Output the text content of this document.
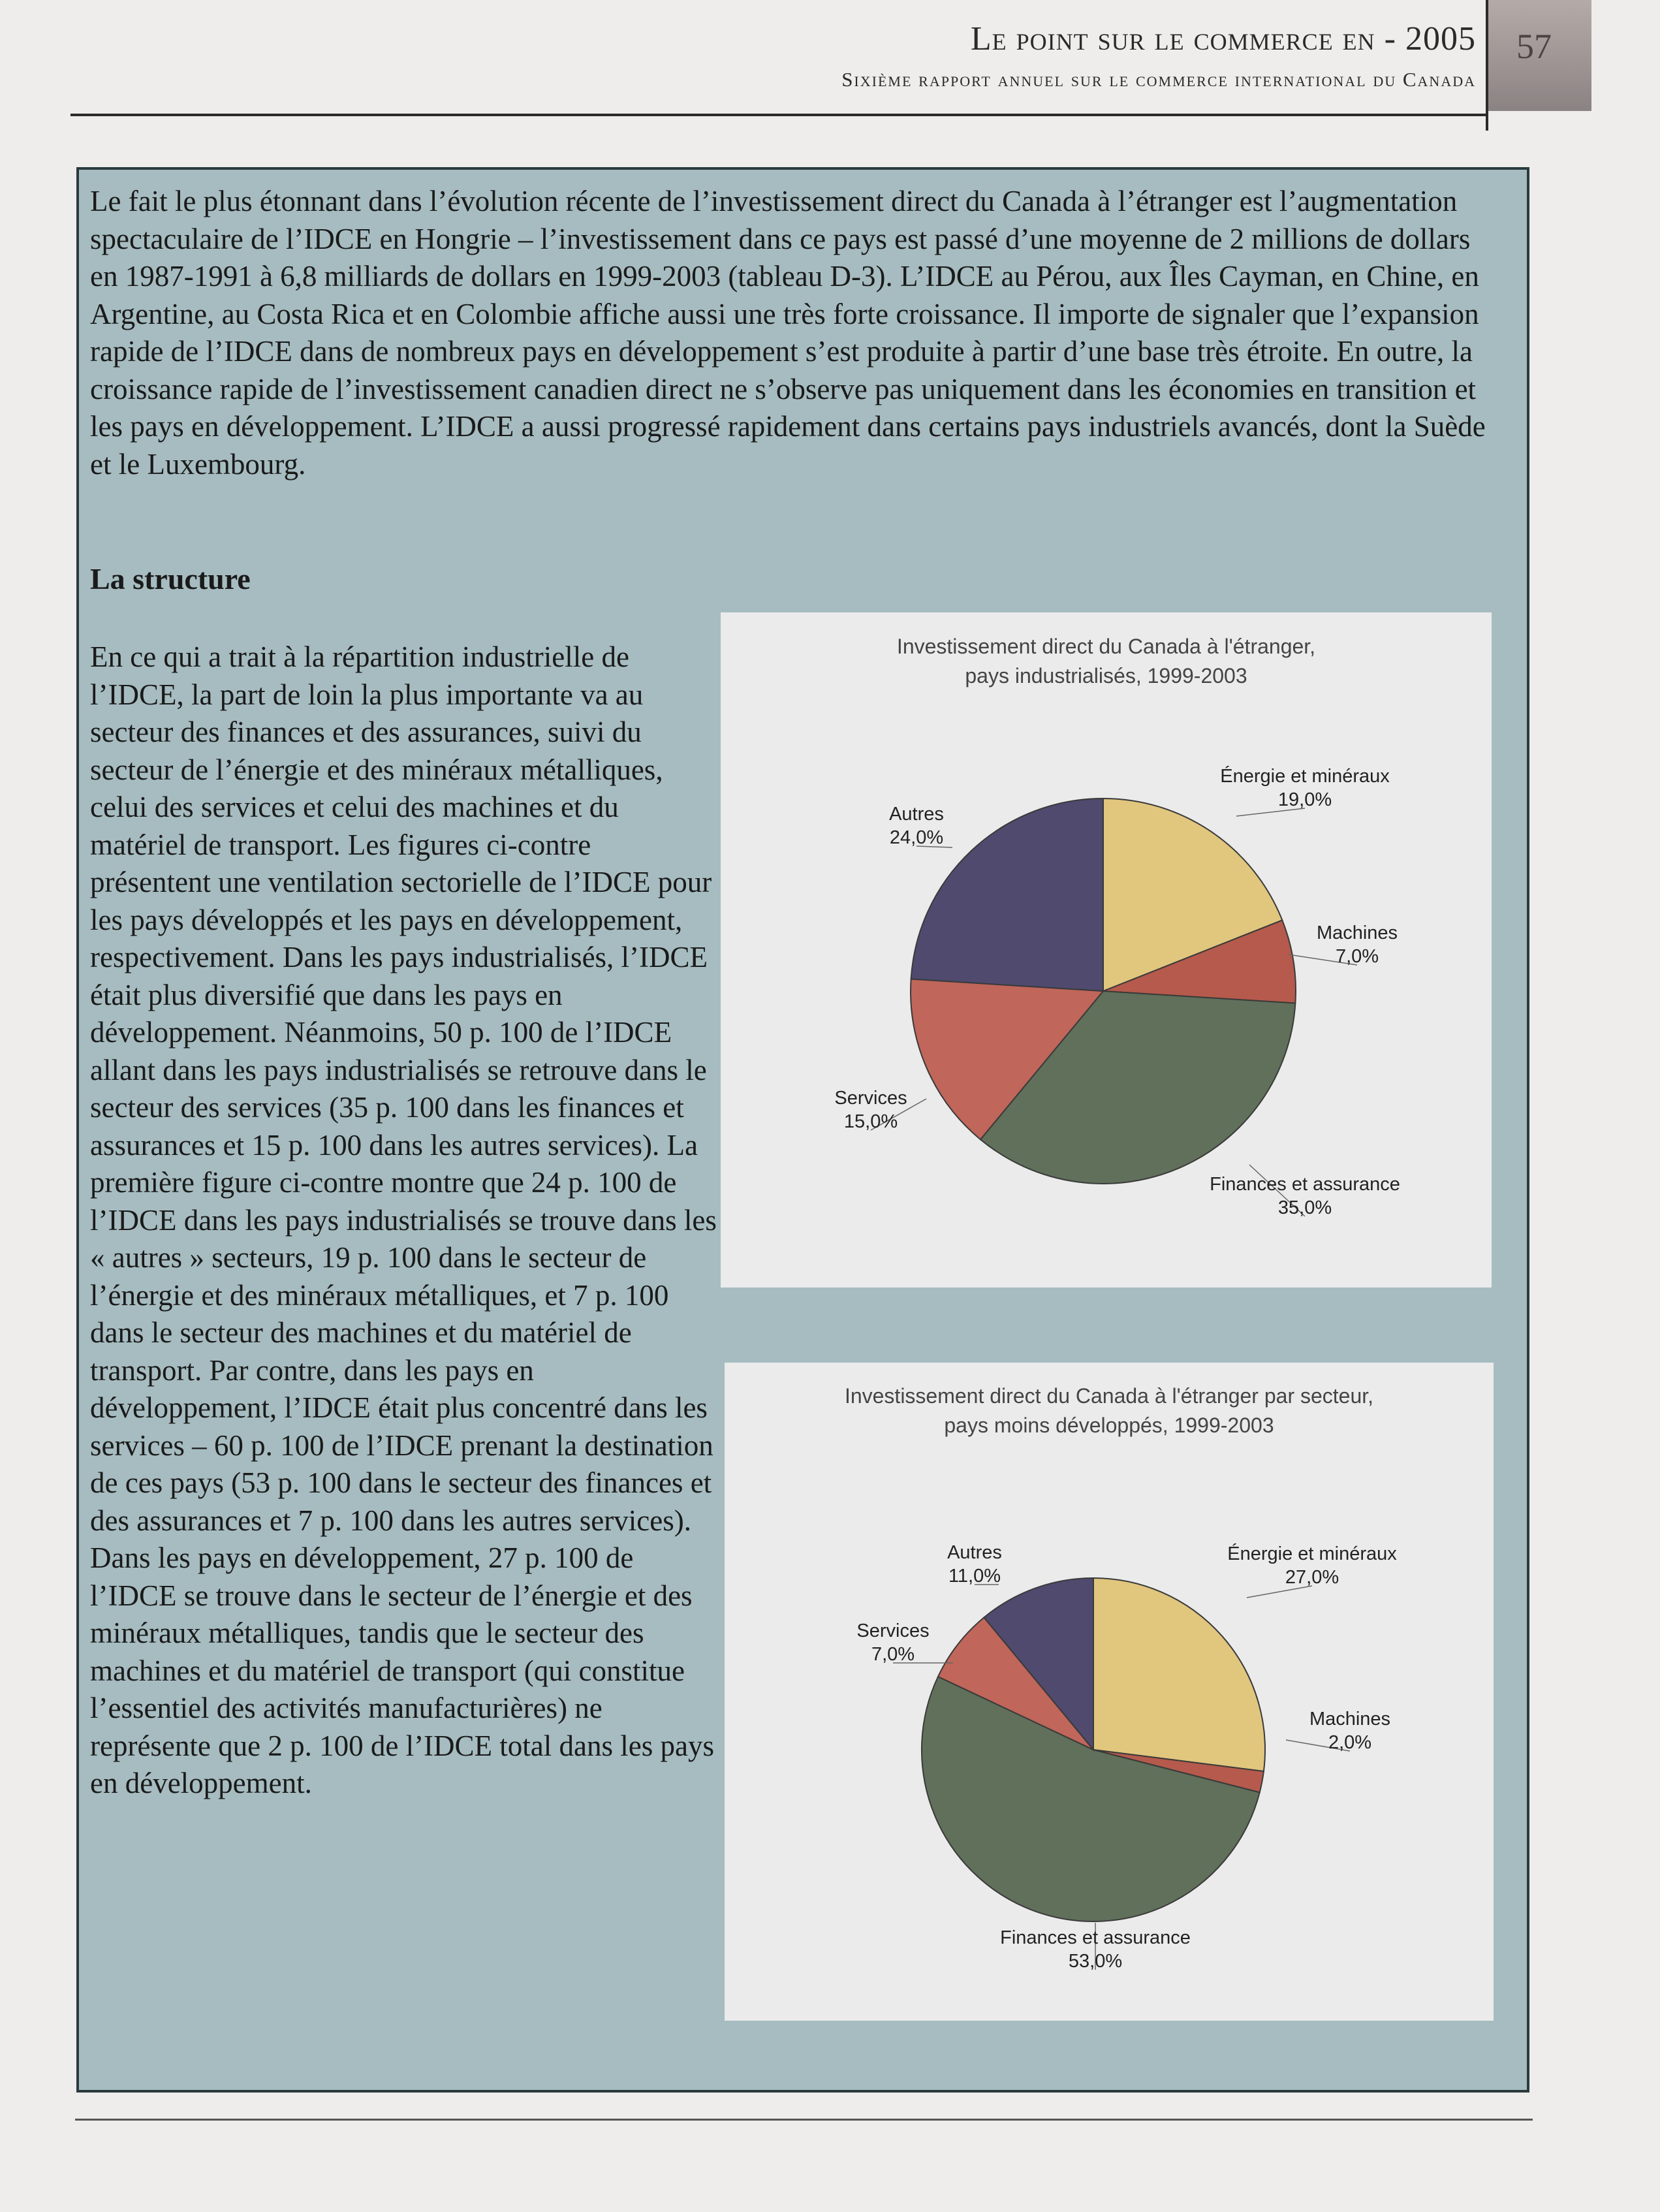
57
Le point sur le commerce en - 2005
Sixième rapport annuel sur le commerce international du Canada

Le fait le plus étonnant dans l’évolution récente de l’investissement direct du Canada à l’étranger est l’augmentation spectaculaire de l’IDCE en Hongrie – l’investissement dans ce pays est passé d’une moyenne de 2 millions de dollars en 1987-1991 à 6,8 milliards de dollars en 1999-2003 (tableau D-3). L’IDCE au Pérou, aux Îles Cayman, en Chine, en Argentine, au Costa Rica et en Colombie affiche aussi une très forte croissance. Il importe de signaler que l’expansion rapide de l’IDCE dans de nombreux pays en développement s’est produite à partir d’une base très étroite. En outre, la croissance rapide de l’investissement canadien direct ne s’observe pas uniquement dans les économies en transition et les pays en développement. L’IDCE a aussi progressé rapidement dans certains pays industriels avancés, dont la Suède et le Luxembourg.

La structure

En ce qui a trait à la répartition industrielle de l’IDCE, la part de loin la plus importante va au secteur des finances et des assurances, suivi du secteur de l’énergie et des minéraux métalliques, celui des services et celui des machines et du matériel de transport. Les figures ci-contre présentent une ventilation sectorielle de l’IDCE pour les pays développés et les pays en développement, respectivement. Dans les pays industrialisés, l’IDCE était plus diversifié que dans les pays en développement. Néanmoins, 50 p. 100 de l’IDCE allant dans les pays industrialisés se retrouve dans le secteur des services (35 p. 100 dans les finances et assurances et 15 p. 100 dans les autres services). La première figure ci-contre montre que 24 p. 100 de l’IDCE dans les pays industrialisés se trouve dans les « autres » secteurs, 19 p. 100 dans le secteur de l’énergie et des minéraux métalliques, et 7 p. 100 dans le secteur des machines et du matériel de transport. Par contre, dans les pays en développement, l’IDCE était plus concentré dans les services – 60 p. 100 de l’IDCE prenant la destination de ces pays (53 p. 100 dans le secteur des finances et des assurances et 7 p. 100 dans les autres services). Dans les pays en développement, 27 p. 100 de l’IDCE se trouve dans le secteur de l’énergie et des minéraux métalliques, tandis que le secteur des machines et du matériel de transport (qui constitue l’essentiel des activités manufacturières) ne représente que 2 p. 100 de l’IDCE total dans les pays en développement.

Investissement direct du Canada à l'étranger,
pays industrialisés, 1999-2003
Énergie et minéraux
19,0%
Machines
7,0%
Finances et assurance
35,0%
Services
15,0%
Autres
24,0%
Investissement direct du Canada à l'étranger par secteur,
pays moins développés, 1999-2003
Énergie et minéraux
27,0%
Machines
2,0%
Finances et assurance
53,0%
Services
7,0%
Autres
11,0%
